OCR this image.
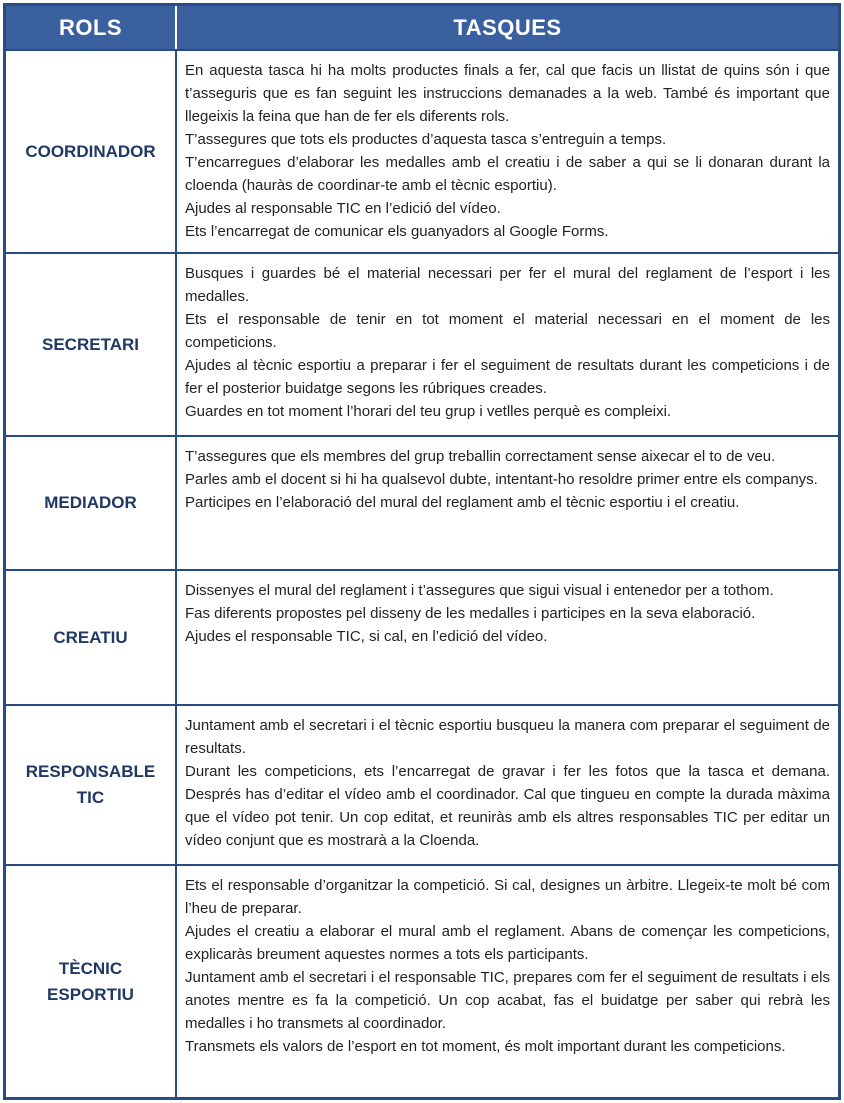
ROLS	TASQUES
COORDINADOR	En aquesta tasca hi ha molts productes finals a fer, cal que facis un llistat de quins són i que t’asseguris que es fan seguint les instruccions demanades a la web. També és important que llegeixis la feina que han de fer els diferents rols.
T’assegures que tots els productes d’aquesta tasca s’entreguin a temps.
T’encarregues d’elaborar les medalles amb el creatiu i de saber a qui se li donaran durant la cloenda (hauràs de coordinar-te amb el tècnic esportiu).
Ajudes al responsable TIC en l’edició del vídeo.
Ets l’encarregat de comunicar els guanyadors al Google Forms.

SECRETARI	Busques i guardes bé el material necessari per fer el mural del reglament de l’esport i les medalles.
Ets el responsable de tenir en tot moment el material necessari en el moment de les competicions.
Ajudes al tècnic esportiu a preparar i fer el seguiment de resultats durant les competicions i de fer el posterior buidatge segons les rúbriques creades.
Guardes en tot moment l’horari del teu grup i vetlles perquè es compleixi.

MEDIADOR	T’assegures que els membres del grup treballin correctament sense aixecar el to de veu.
Parles amb el docent si hi ha qualsevol dubte, intentant-ho resoldre primer entre els companys.
Participes en l’elaboració del mural del reglament amb el tècnic esportiu i el creatiu.

CREATIU	Dissenyes el mural del reglament i t’assegures que sigui visual i entenedor per a tothom.
Fas diferents propostes pel disseny de les medalles i participes en la seva elaboració.
Ajudes el responsable TIC, si cal, en l’edició del vídeo.

RESPONSABLE
TIC	Juntament amb el secretari i el tècnic esportiu busqueu la manera com preparar el seguiment de resultats.
Durant les competicions, ets l’encarregat de gravar i fer les fotos que la tasca et demana. Després has d’editar el vídeo amb el coordinador. Cal que tingueu en compte la durada màxima que el vídeo pot tenir. Un cop editat, et reuniràs amb els altres responsables TIC per editar un vídeo conjunt que es mostrarà a la Cloenda.

TÈCNIC
ESPORTIU	Ets el responsable d’organitzar la competició. Si cal, designes un àrbitre. Llegeix-te molt bé com l’heu de preparar.
Ajudes el creatiu a elaborar el mural amb el reglament. Abans de començar les competicions, explicaràs breument aquestes normes a tots els participants.
Juntament amb el secretari i el responsable TIC, prepares com fer el seguiment de resultats i els anotes mentre es fa la competició. Un cop acabat, fas el buidatge per saber qui rebrà les medalles i ho transmets al coordinador.
Transmets els valors de l’esport en tot moment, és molt important durant les competicions.
